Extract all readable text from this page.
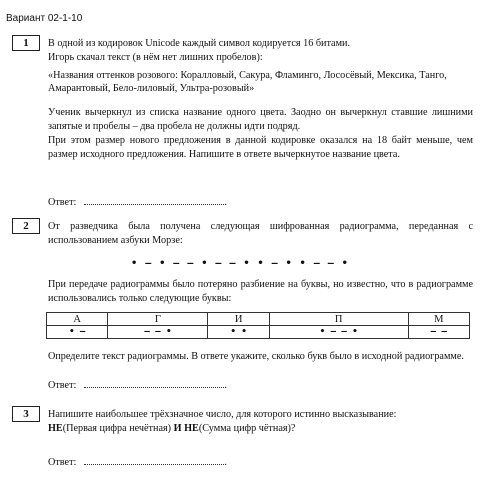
Вариант 02-1-10
1	В одной из кодировок Unicode каждый символ кодируется 16 битами.
Игорь скачал текст (в нём нет лишних пробелов):
«Названия оттенков розового: Коралловый, Сакура, Фламинго, Лососёвый, Мексика, Танго, Амарантовый, Бело-лиловый, Ультра-розовый»
Ученик вычеркнул из списка название одного цвета. Заодно он вычеркнул ставшие лишними запятые и пробелы – два пробела не должны идти подряд.
При этом размер нового предложения в данной кодировке оказался на 18 байт меньше, чем размер исходного предложения. Напишите в ответе вычеркнутое название цвета.
Ответ:	.
2	От разведчика была получена следующая шифрованная радиограмма, переданная с использованием азбуки Морзе:
• – • – – • – – • • – • • – – •
При передаче радиограммы было потеряно разбиение на буквы, но известно, что в радиограмме использовались только следующие буквы:
А	Г	И	П	М
• –	– – •	• •	• – – •	– –
Определите текст радиограммы. В ответе укажите, сколько букв было в исходной радиограмме.
Ответ:	.
3	Напишите наибольшее трёхзначное число, для которого истинно высказывание:
НЕ(Первая цифра нечётная) И НЕ(Сумма цифр чётная)?
Ответ:	.
